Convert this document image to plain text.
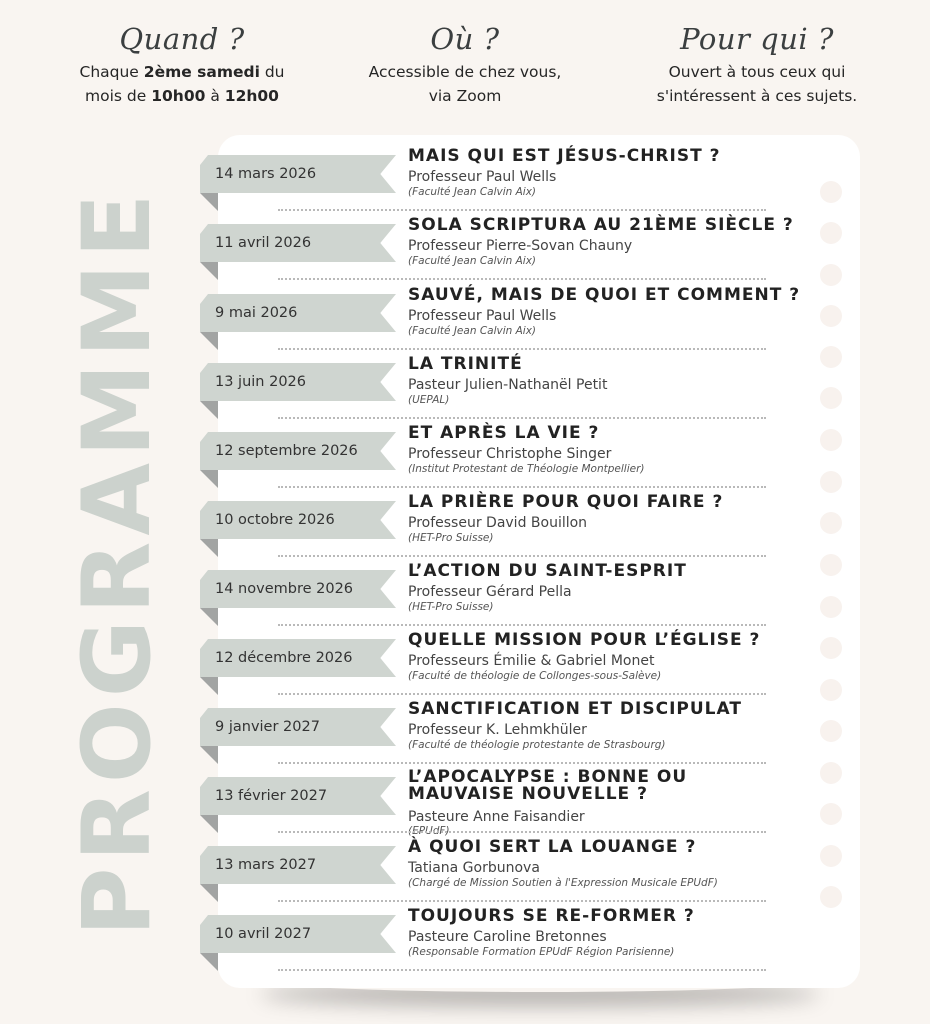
Quand ?
Chaque 2ème samedi du
mois de 10h00 à 12h00
Où ?
Accessible de chez vous,
via Zoom
Pour qui ?
Ouvert à tous ceux qui
s'intéressent à ces sujets.
PROGRAMME
14 mars 2026
MAIS QUI EST JÉSUS-CHRIST ?
Professeur Paul Wells
(Faculté Jean Calvin Aix)
11 avril 2026
SOLA SCRIPTURA AU 21ÈME SIÈCLE ?
Professeur Pierre-Sovan Chauny
(Faculté Jean Calvin Aix)
9 mai 2026
SAUVÉ, MAIS DE QUOI ET COMMENT ?
Professeur Paul Wells
(Faculté Jean Calvin Aix)
13 juin 2026
LA TRINITÉ
Pasteur Julien-Nathanël Petit
(UEPAL)
12 septembre 2026
ET APRÈS LA VIE ?
Professeur Christophe Singer
(Institut Protestant de Théologie Montpellier)
10 octobre 2026
LA PRIÈRE POUR QUOI FAIRE ?
Professeur David Bouillon
(HET-Pro Suisse)
14 novembre 2026
L’ACTION DU SAINT-ESPRIT
Professeur Gérard Pella
(HET-Pro Suisse)
12 décembre 2026
QUELLE MISSION POUR L’ÉGLISE ?
Professeurs Émilie & Gabriel Monet
(Faculté de théologie de Collonges-sous-Salève)
9 janvier 2027
SANCTIFICATION ET DISCIPULAT
Professeur K. Lehmkhüler
(Faculté de théologie protestante de Strasbourg)
13 février 2027
L’APOCALYPSE : BONNE OU MAUVAISE NOUVELLE ?
Pasteure Anne Faisandier
(EPUdF)
13 mars 2027
À QUOI SERT LA LOUANGE ?
Tatiana Gorbunova
(Chargé de Mission Soutien à l'Expression Musicale EPUdF)
10 avril 2027
TOUJOURS SE RE-FORMER ?
Pasteure Caroline Bretonnes
(Responsable Formation EPUdF Région Parisienne)
